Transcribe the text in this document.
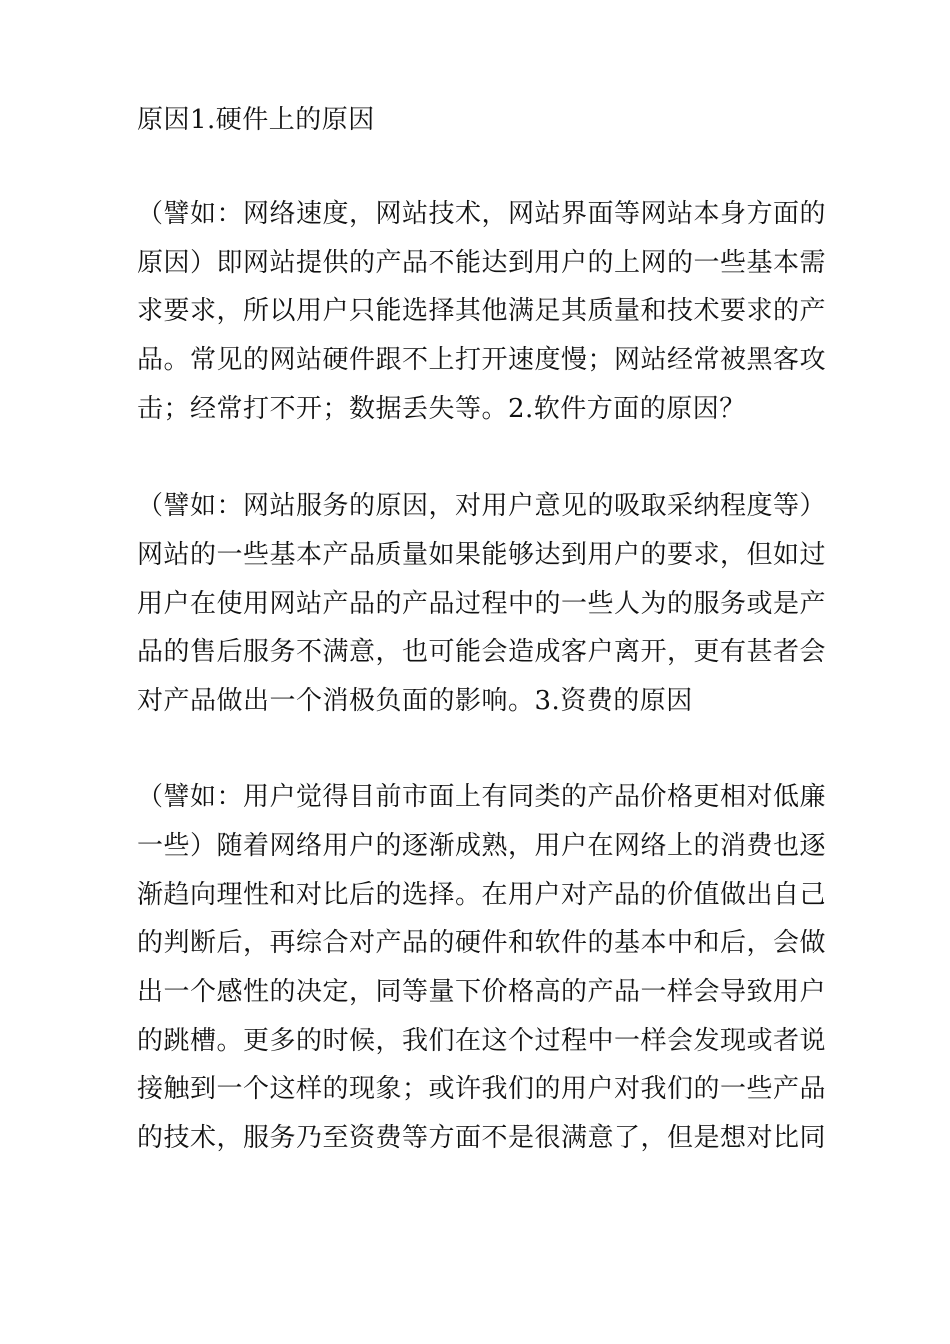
原因1.硬件上的原因
（譬如：网络速度，网站技术，网站界面等网站本身方面的
原因）即网站提供的产品不能达到用户的上网的一些基本需
求要求，所以用户只能选择其他满足其质量和技术要求的产
品。常见的网站硬件跟不上打开速度慢；网站经常被黑客攻
击；经常打不开；数据丢失等。2.软件方面的原因？
（譬如：网站服务的原因，对用户意见的吸取采纳程度等）
网站的一些基本产品质量如果能够达到用户的要求，但如过
用户在使用网站产品的产品过程中的一些人为的服务或是产
品的售后服务不满意，也可能会造成客户离开，更有甚者会
对产品做出一个消极负面的影响。3.资费的原因
（譬如：用户觉得目前市面上有同类的产品价格更相对低廉
一些）随着网络用户的逐渐成熟，用户在网络上的消费也逐
渐趋向理性和对比后的选择。在用户对产品的价值做出自己
的判断后，再综合对产品的硬件和软件的基本中和后，会做
出一个感性的决定，同等量下价格高的产品一样会导致用户
的跳槽。更多的时候，我们在这个过程中一样会发现或者说
接触到一个这样的现象；或许我们的用户对我们的一些产品
的技术，服务乃至资费等方面不是很满意了，但是想对比同
